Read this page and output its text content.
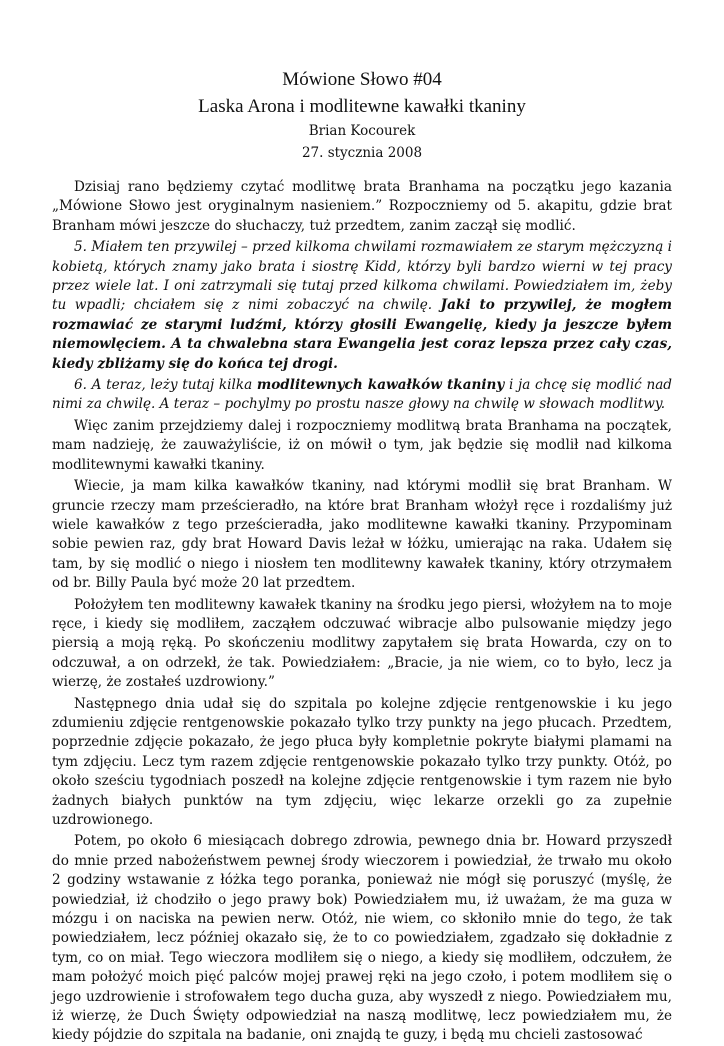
Mówione Słowo #04
Laska Arona i modlitewne kawałki tkaniny
Brian Kocourek
27. stycznia 2008

Dzisiaj rano będziemy czytać modlitwę brata Branhama na początku jego kazania „Mówione Słowo jest oryginalnym nasieniem.” Rozpoczniemy od 5. akapitu, gdzie brat Branham mówi jeszcze do słuchaczy, tuż przedtem, zanim zaczął się modlić.

5. Miałem ten przywilej – przed kilkoma chwilami rozmawiałem ze starym mężczyzną i kobietą, których znamy jako brata i siostrę Kidd, którzy byli bardzo wierni w tej pracy przez wiele lat. I oni zatrzymali się tutaj przed kilkoma chwilami. Powiedziałem im, żeby tu wpadli; chciałem się z nimi zobaczyć na chwilę. Jaki to przywilej, że mogłem rozmawiać ze starymi ludźmi, którzy głosili Ewangelię, kiedy ja jeszcze byłem niemowlęciem. A ta chwalebna stara Ewangelia jest coraz lepsza przez cały czas, kiedy zbliżamy się do końca tej drogi.

6. A teraz, leży tutaj kilka modlitewnych kawałków tkaniny i ja chcę się modlić nad nimi za chwilę. A teraz – pochylmy po prostu nasze głowy na chwilę w słowach modlitwy.

Więc zanim przejdziemy dalej i rozpoczniemy modlitwą brata Branhama na początek, mam nadzieję, że zauważyliście, iż on mówił o tym, jak będzie się modlił nad kilkoma modlitewnymi kawałki tkaniny.

Wiecie, ja mam kilka kawałków tkaniny, nad którymi modlił się brat Branham. W gruncie rzeczy mam prześcieradło, na które brat Branham włożył ręce i rozdaliśmy już wiele kawałków z tego prześcieradła, jako modlitewne kawałki tkaniny. Przypominam sobie pewien raz, gdy brat Howard Davis leżał w łóżku, umierając na raka. Udałem się tam, by się modlić o niego i niosłem ten modlitewny kawałek tkaniny, który otrzymałem od br. Billy Paula być może 20 lat przedtem.

Położyłem ten modlitewny kawałek tkaniny na środku jego piersi, włożyłem na to moje ręce, i kiedy się modliłem, zacząłem odczuwać wibracje albo pulsowanie między jego piersią a moją ręką. Po skończeniu modlitwy zapytałem się brata Howarda, czy on to odczuwał, a on odrzekł, że tak. Powiedziałem: „Bracie, ja nie wiem, co to było, lecz ja wierzę, że zostałeś uzdrowiony.”

Następnego dnia udał się do szpitala po kolejne zdjęcie rentgenowskie i ku jego zdumieniu zdjęcie rentgenowskie pokazało tylko trzy punkty na jego płucach. Przedtem, poprzednie zdjęcie pokazało, że jego płuca były kompletnie pokryte białymi plamami na tym zdjęciu. Lecz tym razem zdjęcie rentgenowskie pokazało tylko trzy punkty. Otóż, po około sześciu tygodniach poszedł na kolejne zdjęcie rentgenowskie i tym razem nie było żadnych białych punktów na tym zdjęciu, więc lekarze orzekli go za zupełnie uzdrowionego.

Potem, po około 6 miesiącach dobrego zdrowia, pewnego dnia br. Howard przyszedł do mnie przed nabożeństwem pewnej środy wieczorem i powiedział, że trwało mu około 2 godziny wstawanie z łóżka tego poranka, ponieważ nie mógł się poruszyć (myślę, że powiedział, iż chodziło o jego prawy bok) Powiedziałem mu, iż uważam, że ma guza w mózgu i on naciska na pewien nerw. Otóż, nie wiem, co skłoniło mnie do tego, że tak powiedziałem, lecz później okazało się, że to co powiedziałem, zgadzało się dokładnie z tym, co on miał. Tego wieczora modliłem się o niego, a kiedy się modliłem, odczułem, że mam położyć moich pięć palców mojej prawej ręki na jego czoło, i potem modliłem się o jego uzdrowienie i strofowałem tego ducha guza, aby wyszedł z niego. Powiedziałem mu, iż wierzę, że Duch Święty odpowiedział na naszą modlitwę, lecz powiedziałem mu, że kiedy pójdzie do szpitala na badanie, oni znajdą te guzy, i będą mu chcieli zastosować
